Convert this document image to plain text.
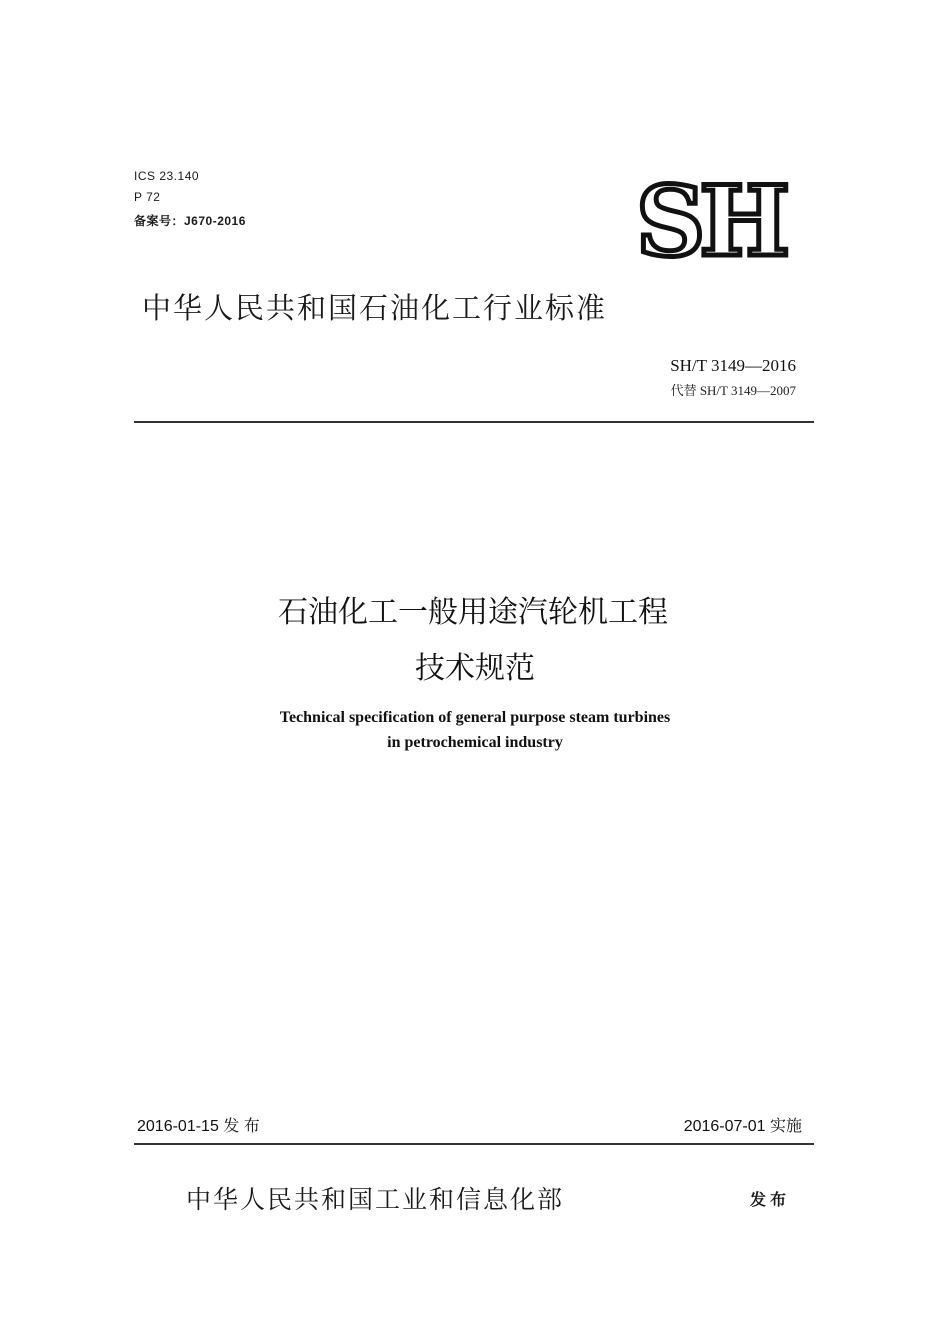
ICS 23.140
P 72
备案号：J670-2016	SH
中华人民共和国石油化工行业标准
SH/T 3149—2016
代替 SH/T 3149—2007
石油化工一般用途汽轮机工程
技术规范
Technical specification of general purpose steam turbines
in petrochemical industry
2016-01-15 发 布	2016-07-01 实施
中华人民共和国工业和信息化部	发布
